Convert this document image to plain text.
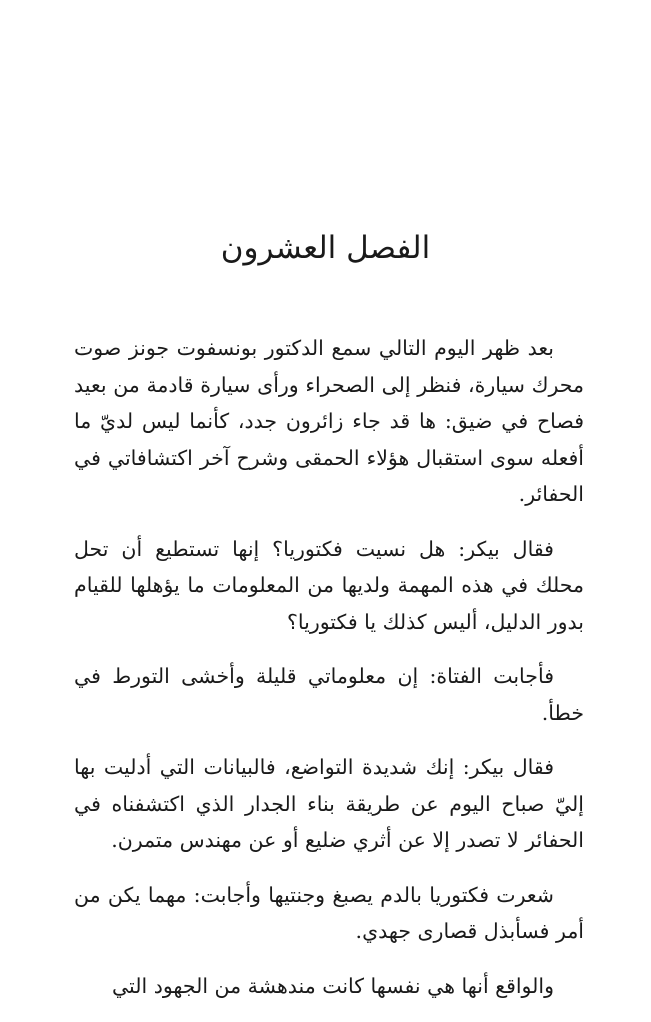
الفصل العشرون

بعد ظهر اليوم التالي سمع الدكتور بونسفوت جونز صوت محرك سيارة، فنظر إلى الصحراء ورأى سيارة قادمة من بعيد فصاح في ضيق: ها قد جاء زائرون جدد، كأنما ليس لديّ ما أفعله سوى استقبال هؤلاء الحمقى وشرح آخر اكتشافاتي في الحفائر.

فقال بيكر: هل نسيت فكتوريا؟ إنها تستطيع أن تحل محلك في هذه المهمة ولديها من المعلومات ما يؤهلها للقيام بدور الدليل، أليس كذلك يا فكتوريا؟

فأجابت الفتاة: إن معلوماتي قليلة وأخشى التورط في خطأ.

فقال بيكر: إنك شديدة التواضع، فالبيانات التي أدليت بها إليّ صباح اليوم عن طريقة بناء الجدار الذي اكتشفناه في الحفائر لا تصدر إلا عن أثري ضليع أو عن مهندس متمرن.

شعرت فكتوريا بالدم يصبغ وجنتيها وأجابت: مهما يكن من أمر فسأبذل قصارى جهدي.

والواقع أنها هي نفسها كانت مندهشة من الجهود التي
